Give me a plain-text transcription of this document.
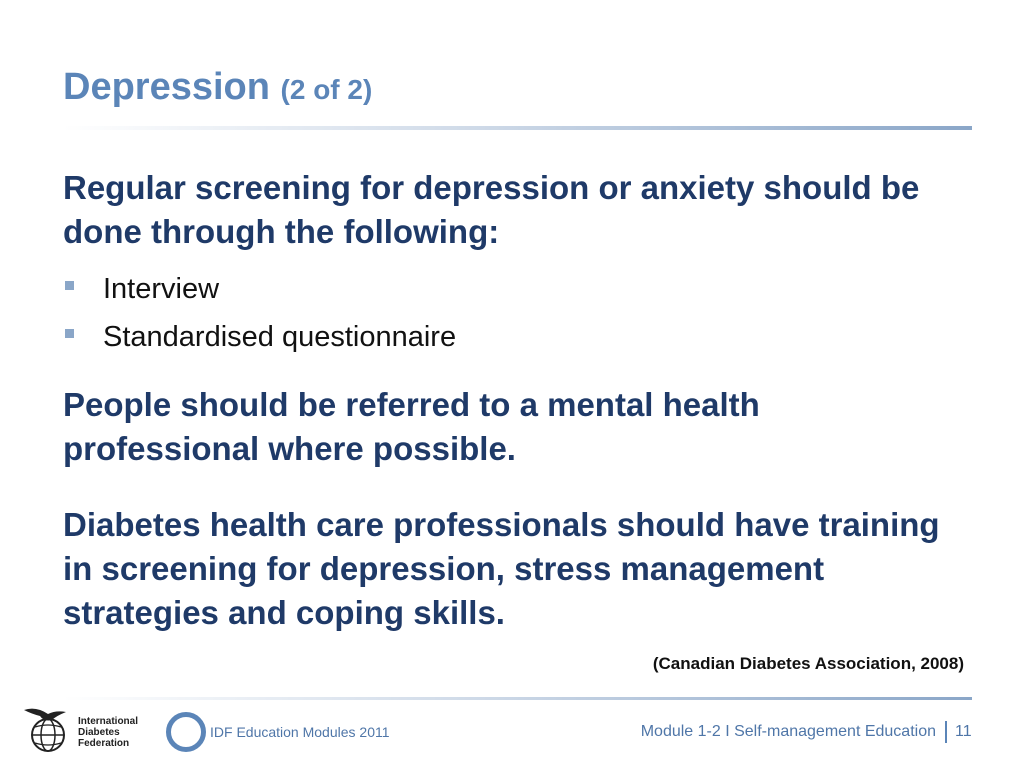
Depression (2 of 2)
Regular screening for depression or anxiety should be done through the following:
Interview
Standardised questionnaire
People should be referred to a mental health professional where possible.
Diabetes health care professionals should have training in screening for depression, stress management strategies and coping skills.
(Canadian Diabetes Association, 2008)
International
Diabetes
Federation
IDF Education Modules 2011	Module 1-2 I Self-management Education 11
